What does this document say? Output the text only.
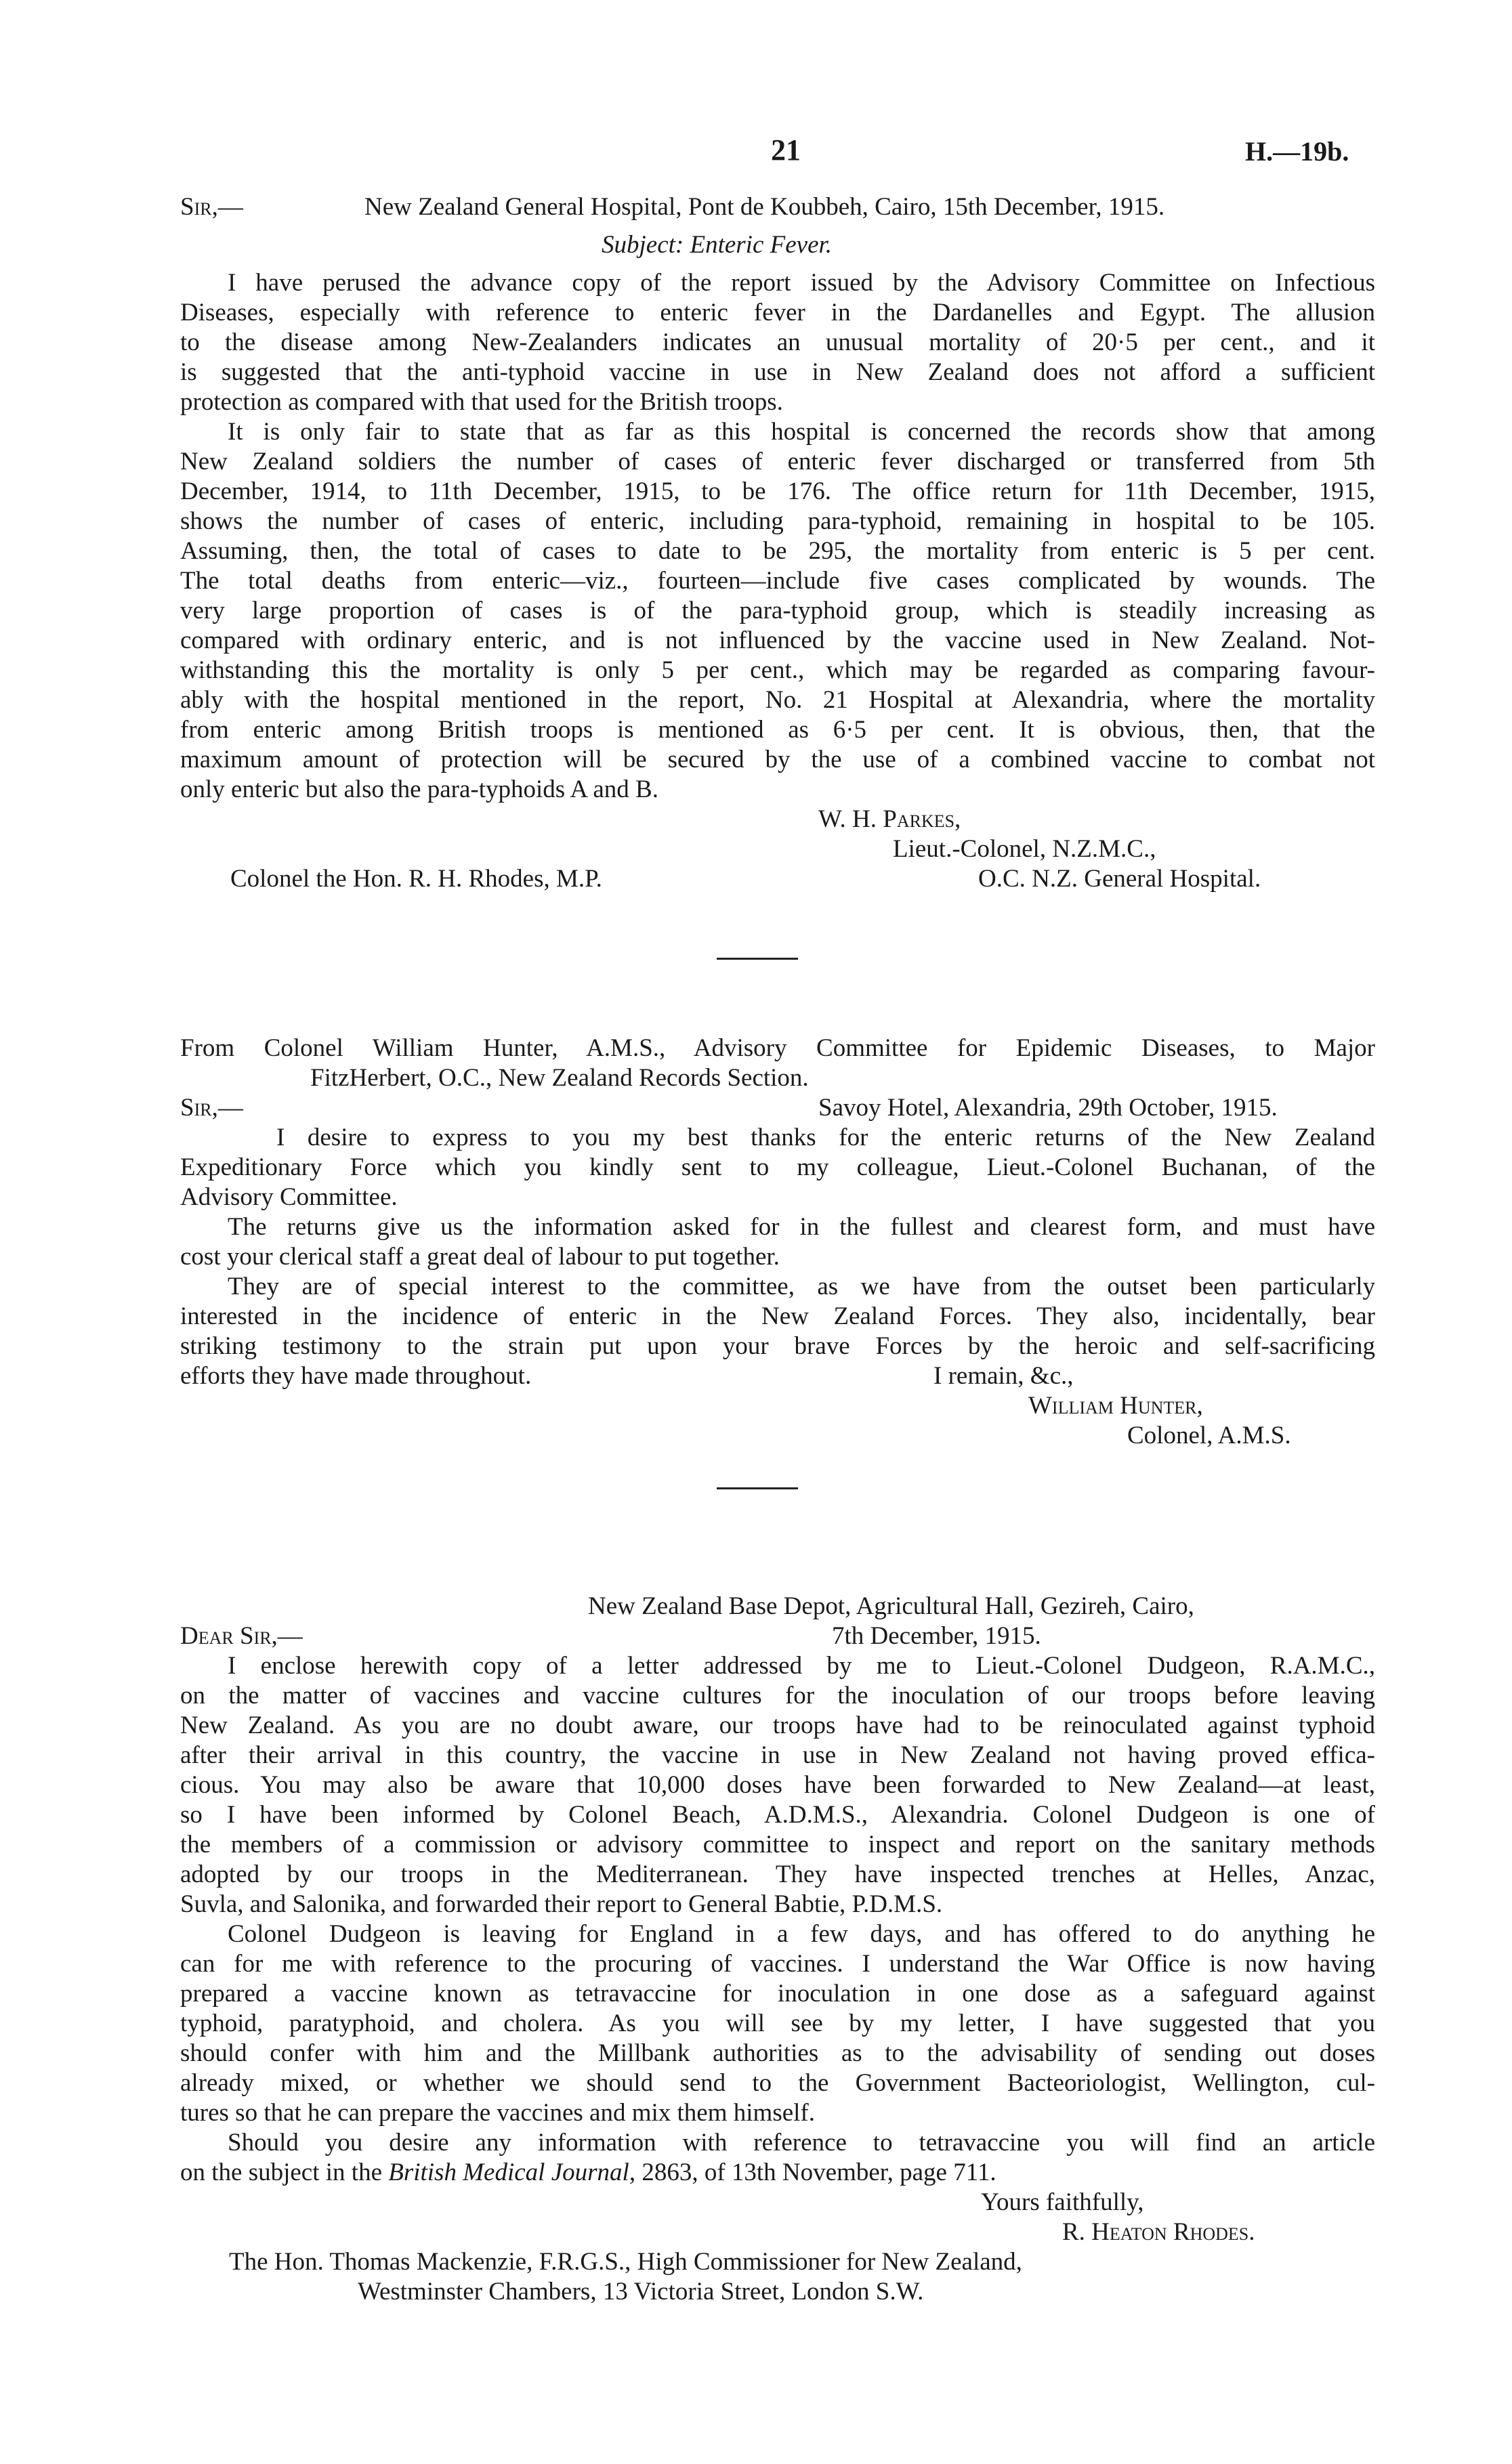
21	H.—19b.
Sir,—	New Zealand General Hospital, Pont de Koubbeh, Cairo, 15th December, 1915.
Subject: Enteric Fever.
I have perused the advance copy of the report issued by the Advisory Committee on Infectious
Diseases, especially with reference to enteric fever in the Dardanelles and Egypt. The allusion
to the disease among New-Zealanders indicates an unusual mortality of 20·5 per cent., and it
is suggested that the anti-typhoid vaccine in use in New Zealand does not afford a sufficient
protection as compared with that used for the British troops.
It is only fair to state that as far as this hospital is concerned the records show that among
New Zealand soldiers the number of cases of enteric fever discharged or transferred from 5th
December, 1914, to 11th December, 1915, to be 176. The office return for 11th December, 1915,
shows the number of cases of enteric, including para-typhoid, remaining in hospital to be 105.
Assuming, then, the total of cases to date to be 295, the mortality from enteric is 5 per cent.
The total deaths from enteric—viz., fourteen—include five cases complicated by wounds. The
very large proportion of cases is of the para-typhoid group, which is steadily increasing as
compared with ordinary enteric, and is not influenced by the vaccine used in New Zealand. Not-
withstanding this the mortality is only 5 per cent., which may be regarded as comparing favour-
ably with the hospital mentioned in the report, No. 21 Hospital at Alexandria, where the mortality
from enteric among British troops is mentioned as 6·5 per cent. It is obvious, then, that the
maximum amount of protection will be secured by the use of a combined vaccine to combat not
only enteric but also the para-typhoids A and B.
W. H. Parkes,
Lieut.-Colonel, N.Z.M.C.,
O.C. N.Z. General Hospital.
Colonel the Hon. R. H. Rhodes, M.P.
From Colonel William Hunter, A.M.S., Advisory Committee for Epidemic Diseases, to Major
FitzHerbert, O.C., New Zealand Records Section.
Sir,—	Savoy Hotel, Alexandria, 29th October, 1915.
I desire to express to you my best thanks for the enteric returns of the New Zealand
Expeditionary Force which you kindly sent to my colleague, Lieut.-Colonel Buchanan, of the
Advisory Committee.
The returns give us the information asked for in the fullest and clearest form, and must have
cost your clerical staff a great deal of labour to put together.
They are of special interest to the committee, as we have from the outset been particularly
interested in the incidence of enteric in the New Zealand Forces. They also, incidentally, bear
striking testimony to the strain put upon your brave Forces by the heroic and self-sacrificing
efforts they have made throughout.	I remain, &c.,
William Hunter,
Colonel, A.M.S.
New Zealand Base Depot, Agricultural Hall, Gezireh, Cairo,
Dear Sir,—	7th December, 1915.
I enclose herewith copy of a letter addressed by me to Lieut.-Colonel Dudgeon, R.A.M.C.,
on the matter of vaccines and vaccine cultures for the inoculation of our troops before leaving
New Zealand. As you are no doubt aware, our troops have had to be reinoculated against typhoid
after their arrival in this country, the vaccine in use in New Zealand not having proved effica-
cious. You may also be aware that 10,000 doses have been forwarded to New Zealand—at least,
so I have been informed by Colonel Beach, A.D.M.S., Alexandria. Colonel Dudgeon is one of
the members of a commission or advisory committee to inspect and report on the sanitary methods
adopted by our troops in the Mediterranean. They have inspected trenches at Helles, Anzac,
Suvla, and Salonika, and forwarded their report to General Babtie, P.D.M.S.
Colonel Dudgeon is leaving for England in a few days, and has offered to do anything he
can for me with reference to the procuring of vaccines. I understand the War Office is now having
prepared a vaccine known as tetravaccine for inoculation in one dose as a safeguard against
typhoid, paratyphoid, and cholera. As you will see by my letter, I have suggested that you
should confer with him and the Millbank authorities as to the advisability of sending out doses
already mixed, or whether we should send to the Government Bacteoriologist, Wellington, cul-
tures so that he can prepare the vaccines and mix them himself.
Should you desire any information with reference to tetravaccine you will find an article
on the subject in the British Medical Journal, 2863, of 13th November, page 711.
Yours faithfully,
R. Heaton Rhodes.
The Hon. Thomas Mackenzie, F.R.G.S., High Commissioner for New Zealand,
Westminster Chambers, 13 Victoria Street, London S.W.
